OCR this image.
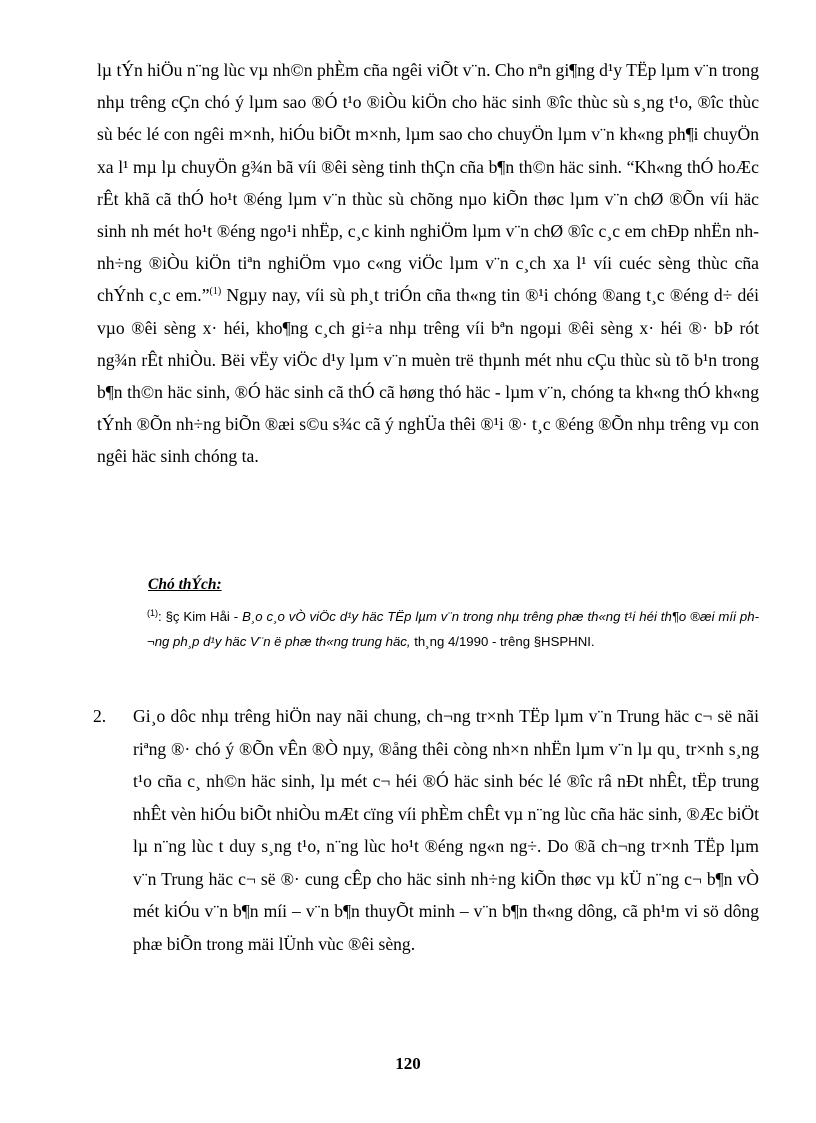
lµ tÝn hiÖu n¨ng lùc vµ nh©n phÈm cña ngêi viÕt v¨n. Cho nªn gi¶ng d¹y TËp lµm v¨n trong nhµ trêng cÇn chó ý lµm sao ®Ó t¹o ®iÒu kiÖn cho häc sinh ®îc thùc sù s¸ng t¹o, ®îc thùc sù béc lé con ngêi m×nh, hiÓu biÕt m×nh, lµm sao cho chuyÖn lµm v¨n kh«ng ph¶i chuyÖn xa l¹ mµ lµ chuyÖn g¾n bã víi ®êi sèng tinh thÇn cña b¶n th©n häc sinh. “Kh«ng thÓ hoÆc rÊt khã cã thÓ ho¹t ®éng lµm v¨n thùc sù chõng nµo kiÕn thøc lµm v¨n chØ ®Õn víi häc sinh nh mét ho¹t ®éng ngo¹i nhËp, c¸c kinh nghiÖm lµm v¨n chØ ®îc c¸c em chÐp nhËn nh nh÷ng ®iÒu kiÖn tiªn nghiÖm vµo c«ng viÖc lµm v¨n c¸ch xa l¹ víi cuéc sèng thùc cña chÝnh c¸c em.”$^{(1)}$ Ngµy nay, víi sù ph¸t triÓn cña th«ng tin ®¹i chóng ®ang t¸c ®éng d÷ déi vµo ®êi sèng x· héi, kho¶ng c¸ch gi÷a nhµ trêng víi bªn ngoµi ®êi sèng x· héi ®· bÞ rót ng¾n rÊt nhiÒu. Bëi vËy viÖc d¹y lµm v¨n muèn trë thµnh mét nhu cÇu thùc sù tõ b¹n trong b¶n th©n häc sinh, ®Ó häc sinh cã thÓ cã høng thó häc - lµm v¨n, chóng ta kh«ng thÓ kh«ng tÝnh ®Õn nh÷ng biÕn ®æi s©u s¾c cã ý nghÜa thêi ®¹i ®· t¸c ®éng ®Õn nhµ trêng vµ con ngêi häc sinh chóng ta.

Chó thÝch:
$^{(1)}$: §ç Kim Håi - B¸o c¸o vÒ viÖc d¹y häc TËp lµm v¨n trong nhµ trêng phæ th«ng t¹i héi th¶o ®æi míi ph¬ng ph¸p d¹y häc V¨n ë phæ th«ng trung häc, th¸ng 4/1990 - trêng §HSPHNI.
2.	Gi¸o dôc nhµ trêng hiÖn nay nãi chung, ch¬ng tr×nh TËp lµm v¨n Trung häc c¬ së nãi riªng ®· chó ý ®Õn vÊn ®Ò nµy, ®ång thêi còng nh×n nhËn lµm v¨n lµ qu¸ tr×nh s¸ng t¹o cña c¸ nh©n häc sinh, lµ mét c¬ héi ®Ó häc sinh béc lé ®îc râ nÐt nhÊt, tËp trung nhÊt vèn hiÓu biÕt nhiÒu mÆt cïng víi phÈm chÊt vµ n¨ng lùc cña häc sinh, ®Æc biÖt lµ n¨ng lùc t duy s¸ng t¹o, n¨ng lùc ho¹t ®éng ng«n ng÷. Do ®ã ch¬ng tr×nh TËp lµm v¨n Trung häc c¬ së ®· cung cÊp cho häc sinh nh÷ng kiÕn thøc vµ kÜ n¨ng c¬ b¶n vÒ mét kiÓu v¨n b¶n míi – v¨n b¶n thuyÕt minh – v¨n b¶n th«ng dông, cã ph¹m vi sö dông phæ biÕn trong mäi lÜnh vùc ®êi sèng.
120
